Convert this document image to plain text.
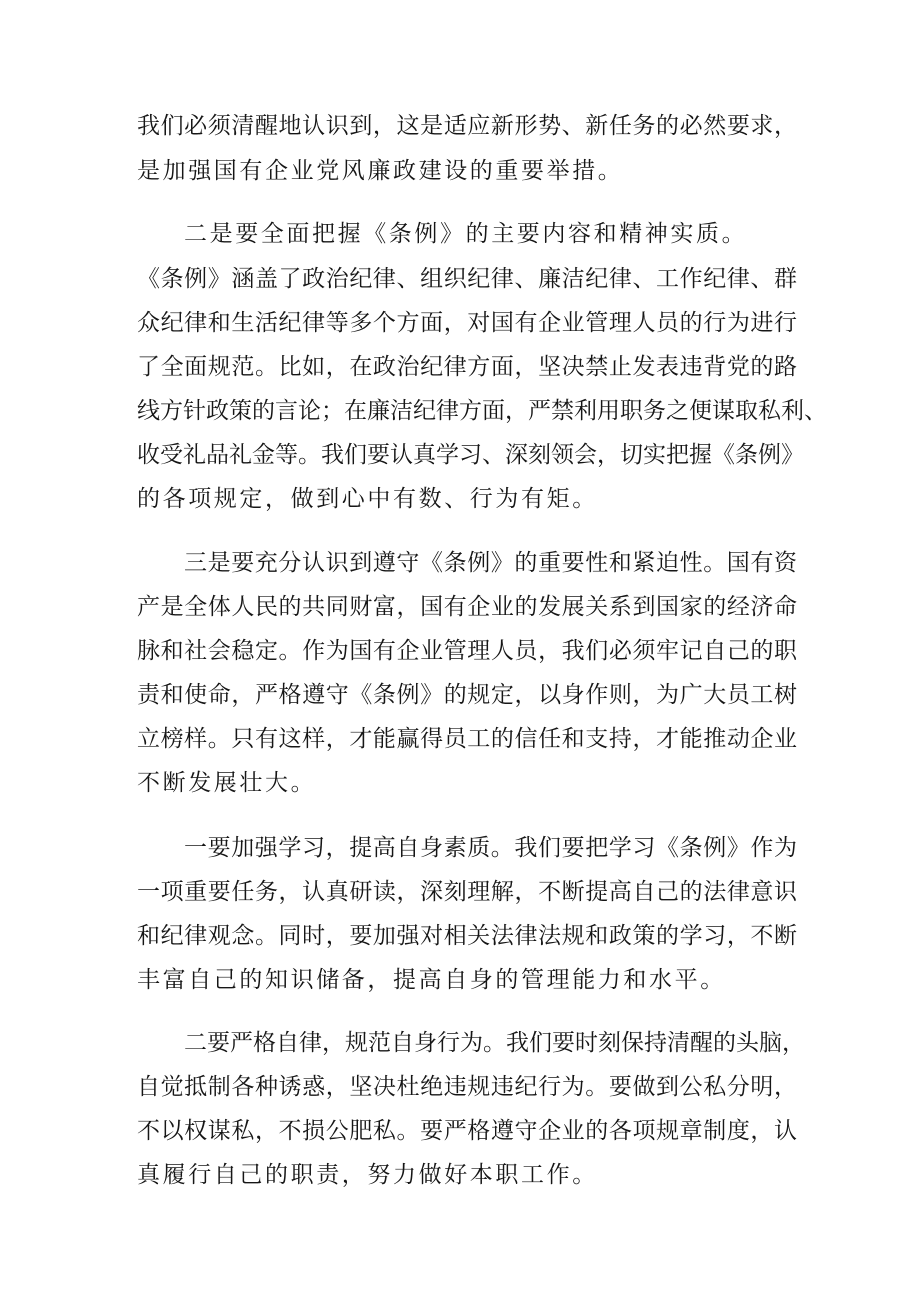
我们必须清醒地认识到，这是适应新形势、新任务的必然要求，
是加强国有企业党风廉政建设的重要举措。
二是要全面把握《条例》的主要内容和精神实质。
《条例》涵盖了政治纪律、组织纪律、廉洁纪律、工作纪律、群
众纪律和生活纪律等多个方面，对国有企业管理人员的行为进行
了全面规范。比如，在政治纪律方面，坚决禁止发表违背党的路
线方针政策的言论；在廉洁纪律方面，严禁利用职务之便谋取私利、
收受礼品礼金等。我们要认真学习、深刻领会，切实把握《条例》
的各项规定，做到心中有数、行为有矩。
三是要充分认识到遵守《条例》的重要性和紧迫性。国有资
产是全体人民的共同财富，国有企业的发展关系到国家的经济命
脉和社会稳定。作为国有企业管理人员，我们必须牢记自己的职
责和使命，严格遵守《条例》的规定，以身作则，为广大员工树
立榜样。只有这样，才能赢得员工的信任和支持，才能推动企业
不断发展壮大。
一要加强学习，提高自身素质。我们要把学习《条例》作为
一项重要任务，认真研读，深刻理解，不断提高自己的法律意识
和纪律观念。同时，要加强对相关法律法规和政策的学习，不断
丰富自己的知识储备，提高自身的管理能力和水平。
二要严格自律，规范自身行为。我们要时刻保持清醒的头脑，
自觉抵制各种诱惑，坚决杜绝违规违纪行为。要做到公私分明，
不以权谋私，不损公肥私。要严格遵守企业的各项规章制度，认
真履行自己的职责，努力做好本职工作。
